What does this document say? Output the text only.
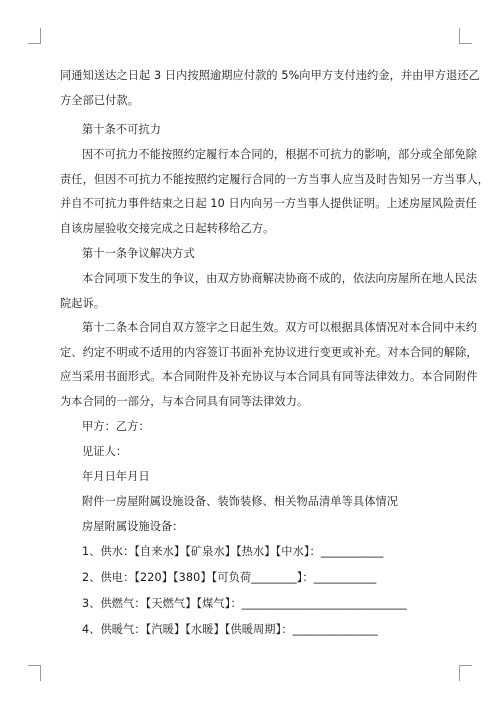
同通知送达之日起 3 日内按照逾期应付款的 5%向甲方支付违约金，并由甲方退还乙
方全部已付款。

第十条不可抗力

因不可抗力不能按照约定履行本合同的，根据不可抗力的影响，部分或全部免除
责任，但因不可抗力不能按照约定履行合同的一方当事人应当及时告知另一方当事人，
并自不可抗力事件结束之日起 10 日内向另一方当事人提供证明。上述房屋风险责任
自该房屋验收交接完成之日起转移给乙方。

第十一条争议解决方式

本合同项下发生的争议，由双方协商解决协商不成的，依法向房屋所在地人民法
院起诉。

第十二条本合同自双方签字之日起生效。双方可以根据具体情况对本合同中未约
定、约定不明或不适用的内容签订书面补充协议进行变更或补充。对本合同的解除，
应当采用书面形式。本合同附件及补充协议与本合同具有同等法律效力。本合同附件
为本合同的一部分，与本合同具有同等法律效力。

甲方：乙方：

见证人：

年月日年月日

附件一房屋附属设施设备、装饰装修、相关物品清单等具体情况

房屋附属设施设备：

1、供水：【自来水】【矿泉水】【热水】【中水】：___________

2、供电：【220】【380】【可负荷________】：___________

3、供燃气：【天燃气】【煤气】：_____________________________

4、供暖气：【汽暖】【水暖】【供暖周期】：_______________
